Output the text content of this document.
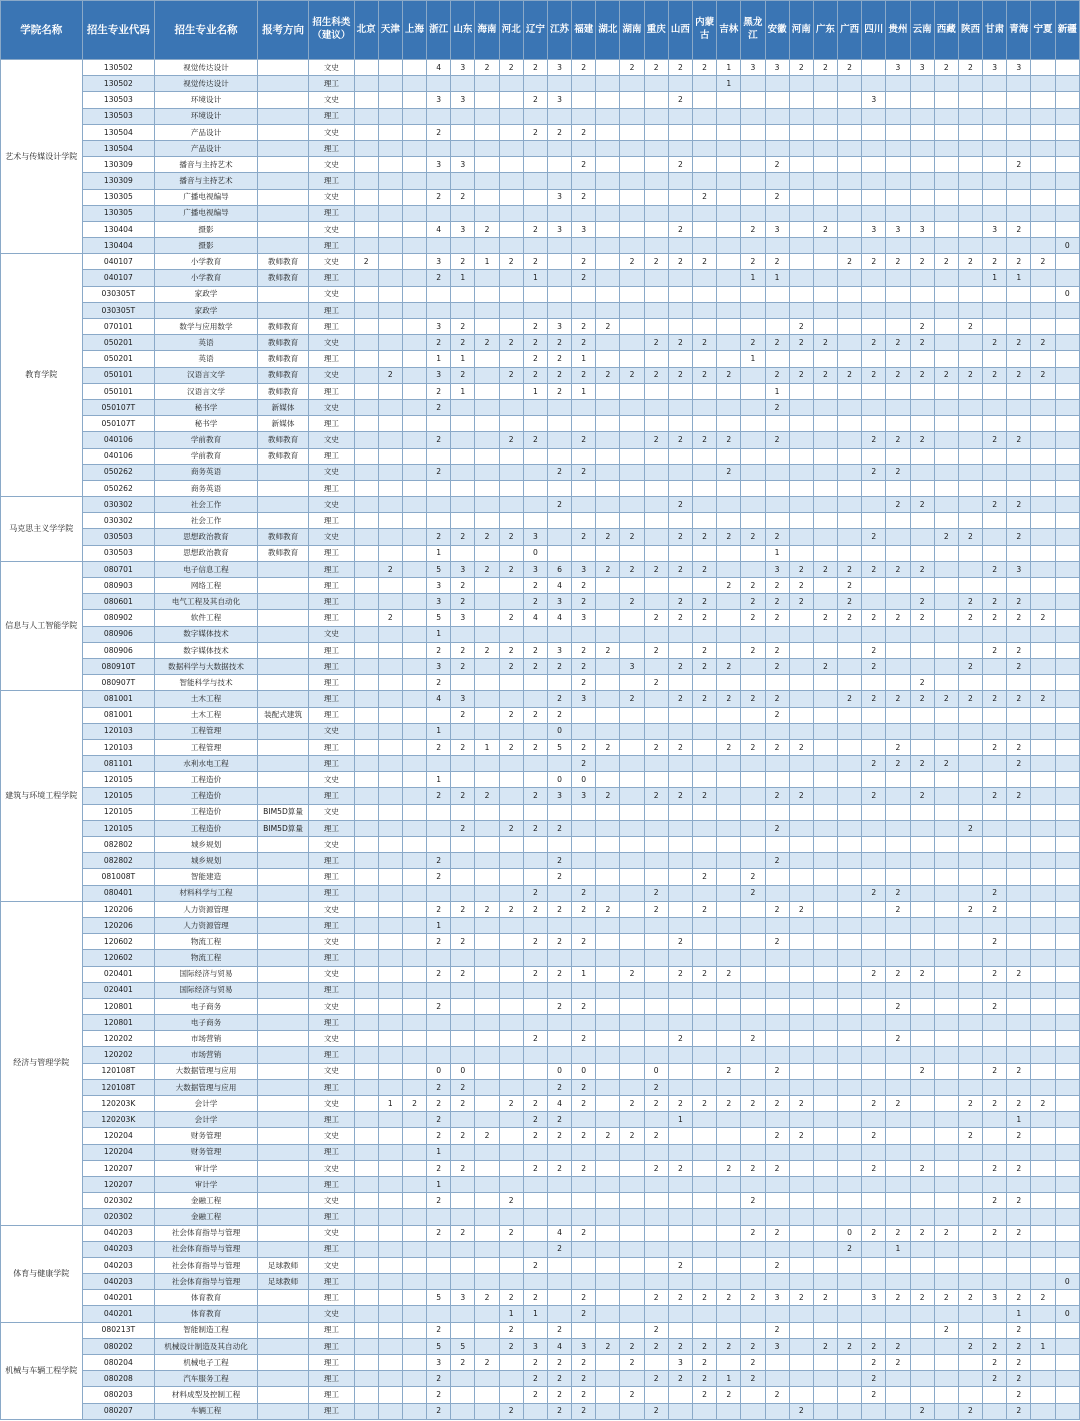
学院名称	招生专业代码	招生专业名称	报考方向	招生科类（建议）	北京	天津	上海	浙江	山东	海南	河北	辽宁	江苏	福建	湖北	湖南	重庆	山西	内蒙古	吉林	黑龙江	安徽	河南	广东	广西	四川	贵州	云南	西藏	陕西	甘肃	青海	宁夏	新疆
艺术与传媒设计学院	130502	视觉传达设计		文史				4	3	2	2	2	3	2		2	2	2	2	1	3	3	2	2	2		3	3	2	2	3	3		
	130502	视觉传达设计		理工																1														
	130503	环境设计		文史				3	3			2	3					2								3								
	130503	环境设计		理工																														
	130504	产品设计		文史				2				2	2	2																				
	130504	产品设计		理工																														
	130309	播音与主持艺术		文史				3	3					2				2				2										2		
	130309	播音与主持艺术		理工																														
	130305	广播电视编导		文史				2	2				3	2					2			2												
	130305	广播电视编导		理工																														
	130404	摄影		文史				4	3	2		2	3	3				2			2	3		2		3	3	3			3	2		
	130404	摄影		理工																														0
教育学院	040107	小学教育	教师教育	文史	2			3	2	1	2	2		2		2	2	2	2		2	2			2	2	2	2	2	2	2	2	2	
	040107	小学教育	教师教育	理工				2	1			1		2							1	1									1	1		
	030305T	家政学		文史																														0
	030305T	家政学		理工																														
	070101	数学与应用数学	教师教育	理工				3	2			2	3	2	2								2					2		2				
	050201	英语	教师教育	文史				2	2	2	2	2	2	2			2	2	2		2	2	2	2		2	2	2			2	2	2	
	050201	英语	教师教育	理工				1	1			2	2	1							1													
	050101	汉语言文学	教师教育	文史		2		3	2		2	2	2	2	2	2	2	2	2	2		2	2	2	2	2	2	2	2	2	2	2	2	
	050101	汉语言文学	教师教育	理工				2	1			1	2	1								1												
	050107T	秘书学	新媒体	文史				2														2												
	050107T	秘书学	新媒体	理工																														
	040106	学前教育	教师教育	文史				2			2	2		2			2	2	2	2		2				2	2	2			2	2		
	040106	学前教育	教师教育	理工																														
	050262	商务英语		文史				2					2	2						2						2	2							
	050262	商务英语		理工																														
马克思主义学学院	030302	社会工作		文史									2					2									2	2			2	2		
	030302	社会工作		理工																														
	030503	思想政治教育	教师教育	文史				2	2	2	2	3		2	2	2		2	2	2	2	2				2			2	2		2		
	030503	思想政治教育	教师教育	理工				1				0										1												
信息与人工智能学院	080701	电子信息工程		理工		2		5	3	2	2	3	6	3	2	2	2	2	2			3	2	2	2	2	2	2			2	3		
	080903	网络工程		理工				3	2			2	4	2						2	2	2	2		2									
	080601	电气工程及其自动化		理工				3	2			2	3	2		2		2	2		2	2	2		2			2		2	2	2		
	080902	软件工程		理工		2		5	3		2	4	4	3			2	2	2		2	2		2	2	2	2	2		2	2	2	2	
	080906	数字媒体技术		文史				1																										
	080906	数字媒体技术		理工				2	2	2	2	2	3	2	2		2		2		2	2				2					2	2		
	080910T	数据科学与大数据技术		理工				3	2		2	2	2	2		3		2	2	2		2		2		2				2		2		
	080907T	智能科学与技术		理工				2						2			2											2						
建筑与环境工程学院	081001	土木工程		理工				4	3				2	3		2		2	2	2	2	2			2	2	2	2	2	2	2	2	2	
	081001	土木工程	装配式建筑	理工					2		2	2	2									2												
	120103	工程管理		文史				1					0																					
	120103	工程管理		理工				2	2	1	2	2	5	2	2		2	2		2	2	2	2				2				2	2		
	081101	水利水电工程		理工										2												2	2	2	2			2		
	120105	工程造价		文史				1					0	0																				
	120105	工程造价		理工				2	2	2		2	3	3	2		2	2	2			2	2			2		2			2	2		
	120105	工程造价	BIM5D算量	文史																														
	120105	工程造价	BIM5D算量	理工					2		2	2	2									2								2				
	082802	城乡规划		文史																														
	082802	城乡规划		理工				2					2									2												
	081008T	智能建造		理工				2					2						2		2													
	080401	材料科学与工程		理工								2		2			2				2					2	2				2			
经济与管理学院	120206	人力资源管理		文史				2	2	2	2	2	2	2	2		2		2			2	2				2			2	2			
	120206	人力资源管理		理工				1																										
	120602	物流工程		文史				2	2			2	2	2				2				2									2			
	120602	物流工程		理工																														
	020401	国际经济与贸易		文史				2	2			2	2	1		2		2	2	2						2	2	2			2	2		
	020401	国际经济与贸易		理工																														
	120801	电子商务		文史				2					2	2													2				2			
	120801	电子商务		理工																														
	120202	市场营销		文史								2		2				2			2						2							
	120202	市场营销		理工																														
	120108T	大数据管理与应用		文史				0	0				0	0			0			2		2						2			2	2		
	120108T	大数据管理与应用		理工				2	2				2	2			2																	
	120203K	会计学		文史		1	2	2	2		2	2	4	2		2	2	2	2	2	2	2	2			2	2			2	2	2	2	
	120203K	会计学		理工				2				2	2					1														1		
	120204	财务管理		文史				2	2	2		2	2	2	2	2	2					2	2			2				2		2		
	120204	财务管理		理工				1																										
	120207	审计学		文史				2	2			2	2	2			2	2		2	2	2				2		2			2	2		
	120207	审计学		理工				1																										
	020302	金融工程		文史				2			2										2										2	2		
	020302	金融工程		理工																														
体育与健康学院	040203	社会体育指导与管理		文史				2	2		2		4	2							2	2			0	2	2	2	2		2	2		
	040203	社会体育指导与管理		理工									2												2		1							
	040203	社会体育指导与管理	足球教师	文史								2						2				2												
	040203	社会体育指导与管理	足球教师	理工																														0
	040201	体育教育		理工				5	3	2	2	2		2			2	2	2	2	2	3	2	2		3	2	2	2	2	3	2	2	
	040201	体育教育		文史							1	1		2																		1		0
机械与车辆工程学院	080213T	智能制造工程		理工				2			2		2				2					2							2			2		
	080202	机械设计制造及其自动化		理工				5	5		2	3	4	3	2	2	2	2	2	2	2	3		2	2	2	2			2	2	2	1	
	080204	机械电子工程		理工				3	2	2		2	2	2		2		3	2		2					2	2				2	2		
	080208	汽车服务工程		理工				2				2	2	2			2	2	2	1	2					2					2	2		
	080203	材料成型及控制工程		理工				2				2	2	2		2			2	2		2				2						2		
	080207	车辆工程		理工				2			2		2	2			2						2					2		2		2		
